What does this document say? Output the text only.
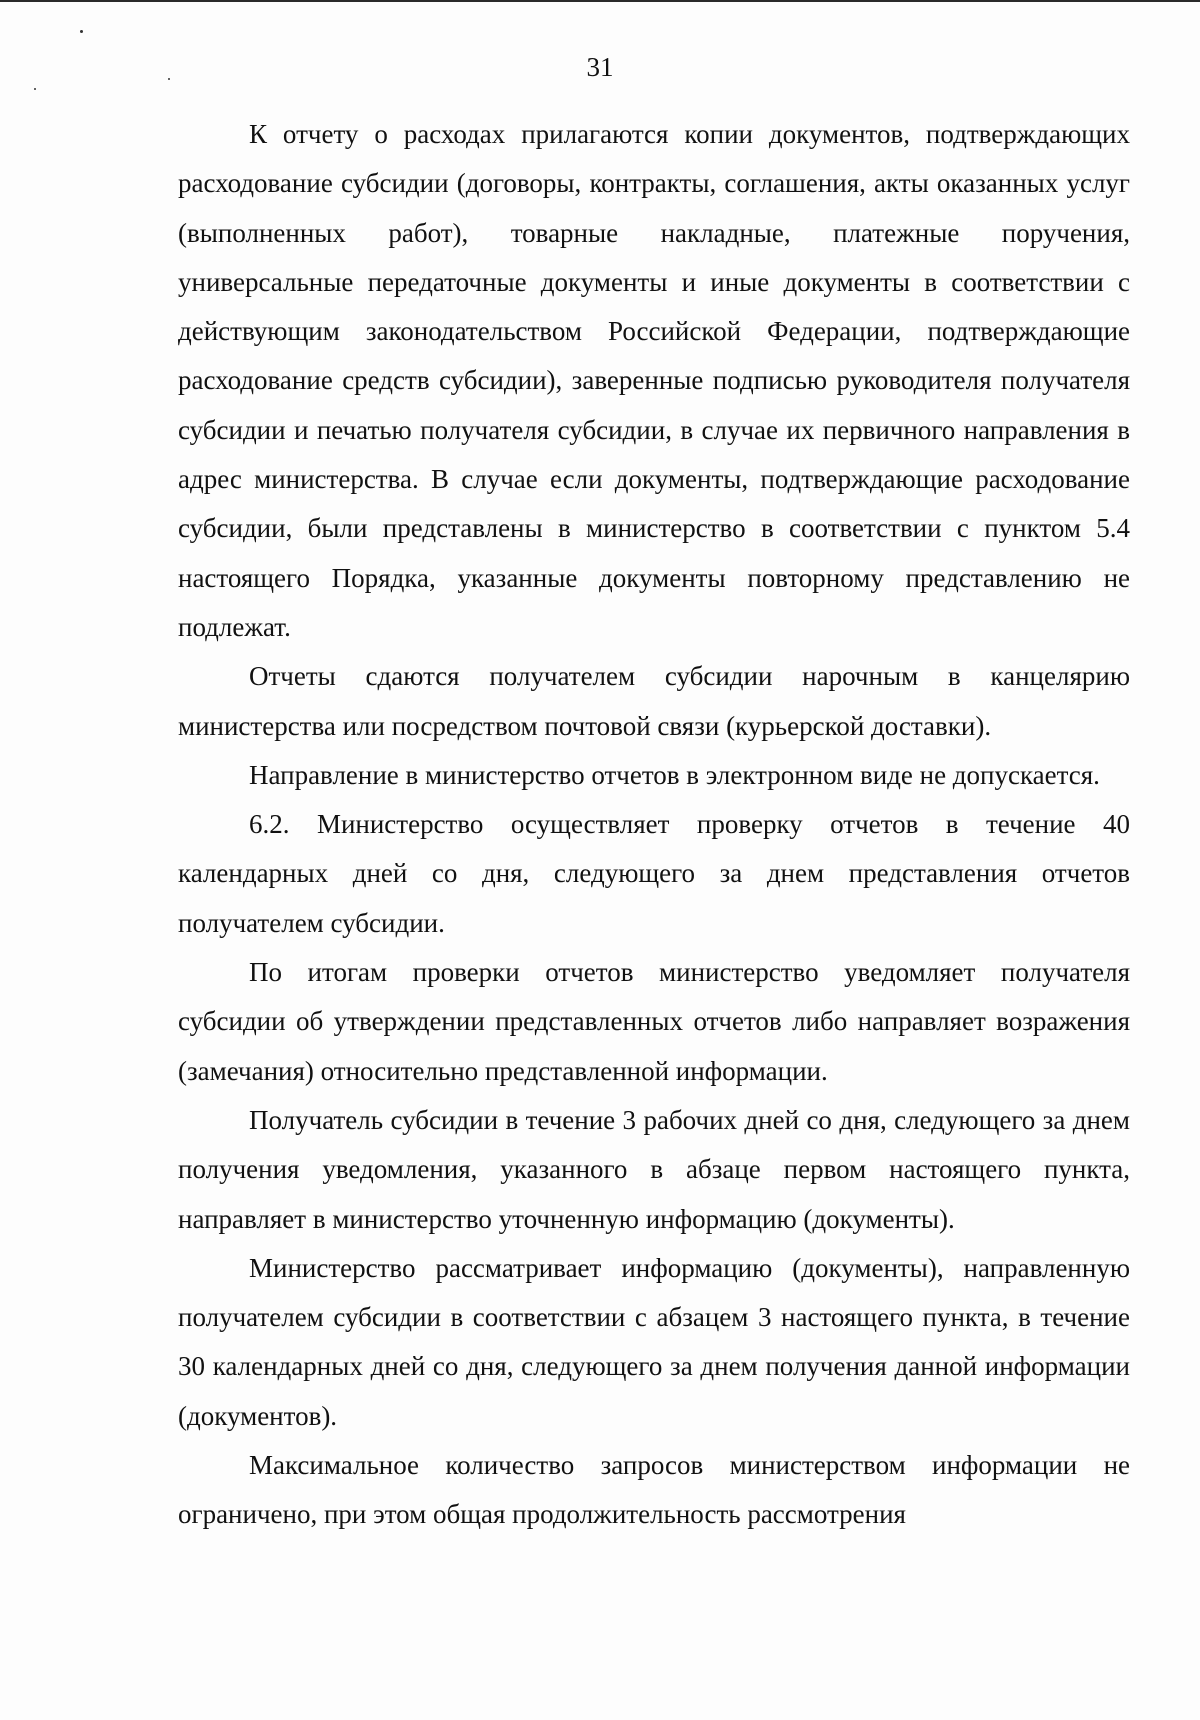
31

К отчету о расходах прилагаются копии документов, подтверждающих расходование субсидии (договоры, контракты, соглашения, акты оказанных услуг (выполненных работ), товарные накладные, платежные поручения, универсальные передаточные документы и иные документы в соответствии с действующим законодательством Российской Федерации, подтверждающие расходование средств субсидии), заверенные подписью руководителя получателя субсидии и печатью получателя субсидии, в случае их первичного направления в адрес министерства. В случае если документы, подтверждающие расходование субсидии, были представлены в министерство в соответствии с пунктом 5.4 настоящего Порядка, указанные документы повторному представлению не подлежат.

Отчеты сдаются получателем субсидии нарочным в канцелярию министерства или посредством почтовой связи (курьерской доставки).

Направление в министерство отчетов в электронном виде не допускается.

6.2. Министерство осуществляет проверку отчетов в течение 40 календарных дней со дня, следующего за днем представления отчетов получателем субсидии.

По итогам проверки отчетов министерство уведомляет получателя субсидии об утверждении представленных отчетов либо направляет возражения (замечания) относительно представленной информации.

Получатель субсидии в течение 3 рабочих дней со дня, следующего за днем получения уведомления, указанного в абзаце первом настоящего пункта, направляет в министерство уточненную информацию (документы).

Министерство рассматривает информацию (документы), направленную получателем субсидии в соответствии с абзацем 3 настоящего пункта, в течение 30 календарных дней со дня, следующего за днем получения данной информации (документов).

Максимальное количество запросов министерством информации не ограничено, при этом общая продолжительность рассмотрения
